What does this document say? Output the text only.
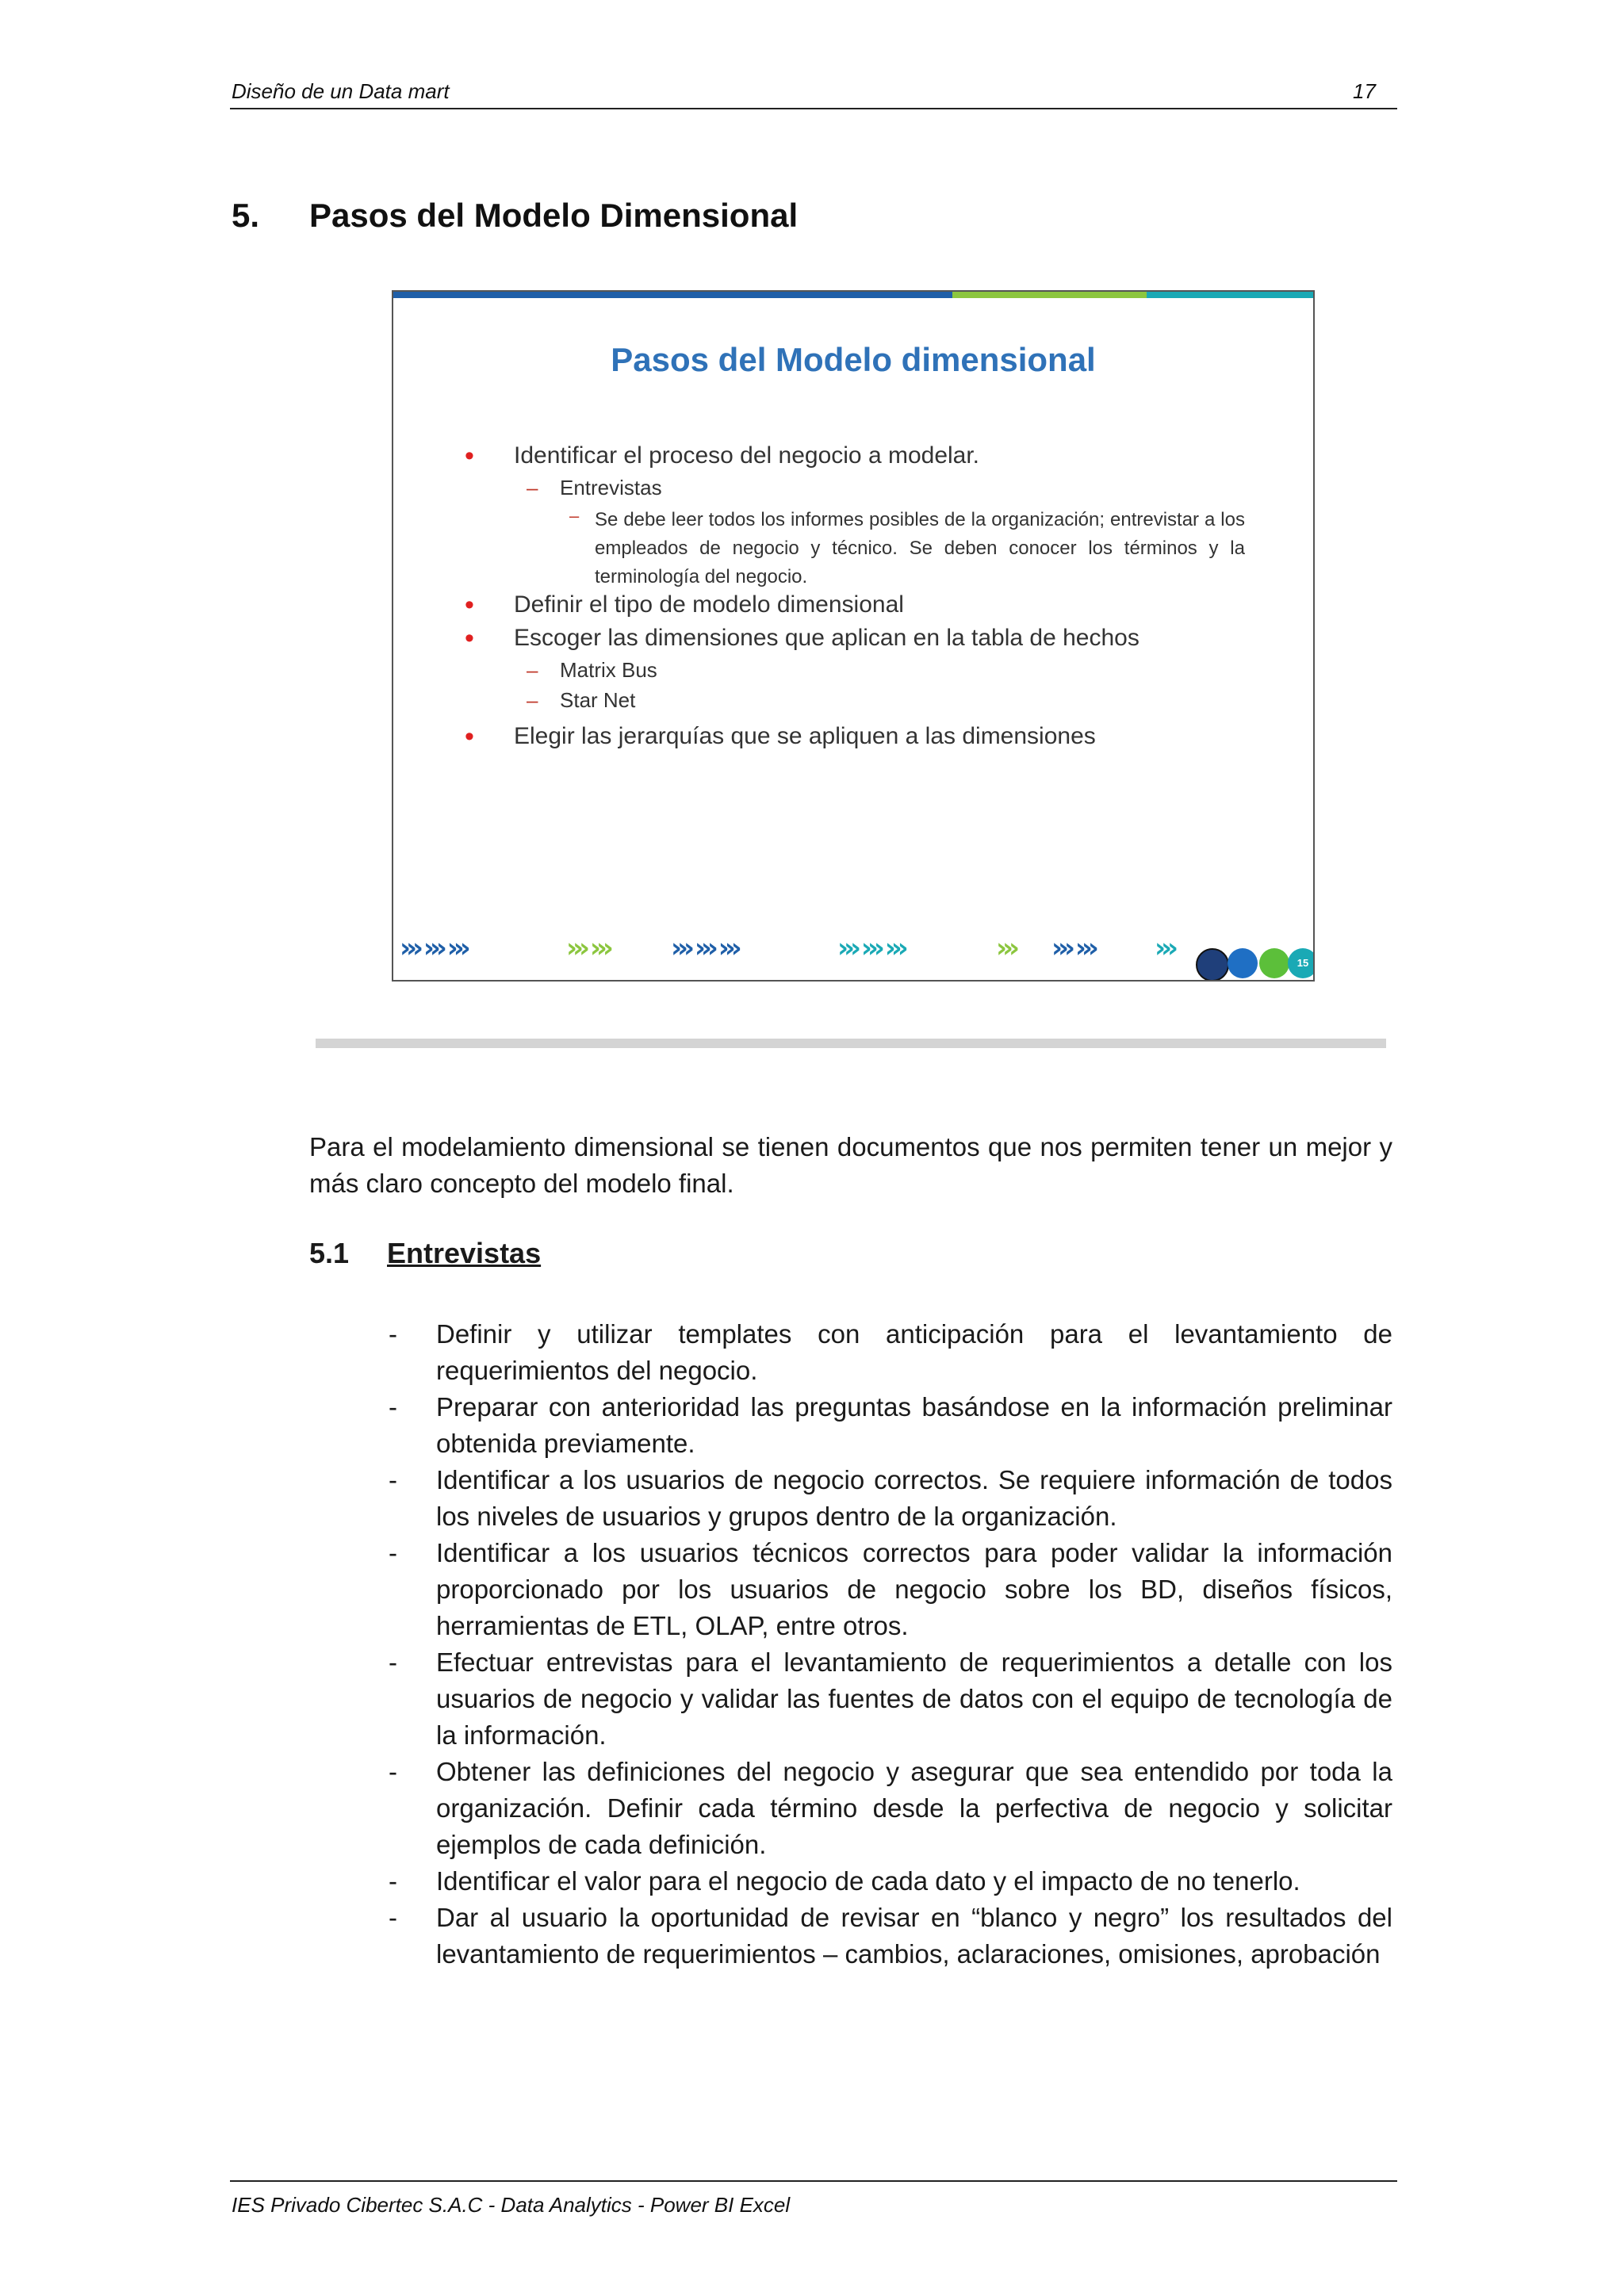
Diseño de un Data mart	17
5. Pasos del Modelo Dimensional
Pasos del Modelo dimensional
• Identificar el proceso del negocio a modelar.
– Entrevistas
– Se debe leer todos los informes posibles de la organización; entrevistar a los empleados de negocio y técnico. Se deben conocer los términos y la terminología del negocio.
• Definir el tipo de modelo dimensional
• Escoger las dimensiones que aplican en la tabla de hechos
– Matrix Bus
– Star Net
• Elegir las jerarquías que se apliquen a las dimensiones
››› ››› ›››	››› ››› ››› ››› ›››	››› ››› ›››	››› ››› ››› ›››	15
Para el modelamiento dimensional se tienen documentos que nos permiten tener un mejor y más claro concepto del modelo final.
5.1 Entrevistas
- Definir y utilizar templates con anticipación para el levantamiento de requerimientos del negocio.
- Preparar con anterioridad las preguntas basándose en la información preliminar obtenida previamente.
- Identificar a los usuarios de negocio correctos. Se requiere información de todos los niveles de usuarios y grupos dentro de la organización.
- Identificar a los usuarios técnicos correctos para poder validar la información proporcionado por los usuarios de negocio sobre los BD, diseños físicos, herramientas de ETL, OLAP, entre otros.
- Efectuar entrevistas para el levantamiento de requerimientos a detalle con los usuarios de negocio y validar las fuentes de datos con el equipo de tecnología de la información.
- Obtener las definiciones del negocio y asegurar que sea entendido por toda la organización. Definir cada término desde la perfectiva de negocio y solicitar ejemplos de cada definición.
- Identificar el valor para el negocio de cada dato y el impacto de no tenerlo.
- Dar al usuario la oportunidad de revisar en “blanco y negro” los resultados del levantamiento de requerimientos – cambios, aclaraciones, omisiones, aprobación
IES Privado Cibertec S.A.C - Data Analytics - Power BI Excel
